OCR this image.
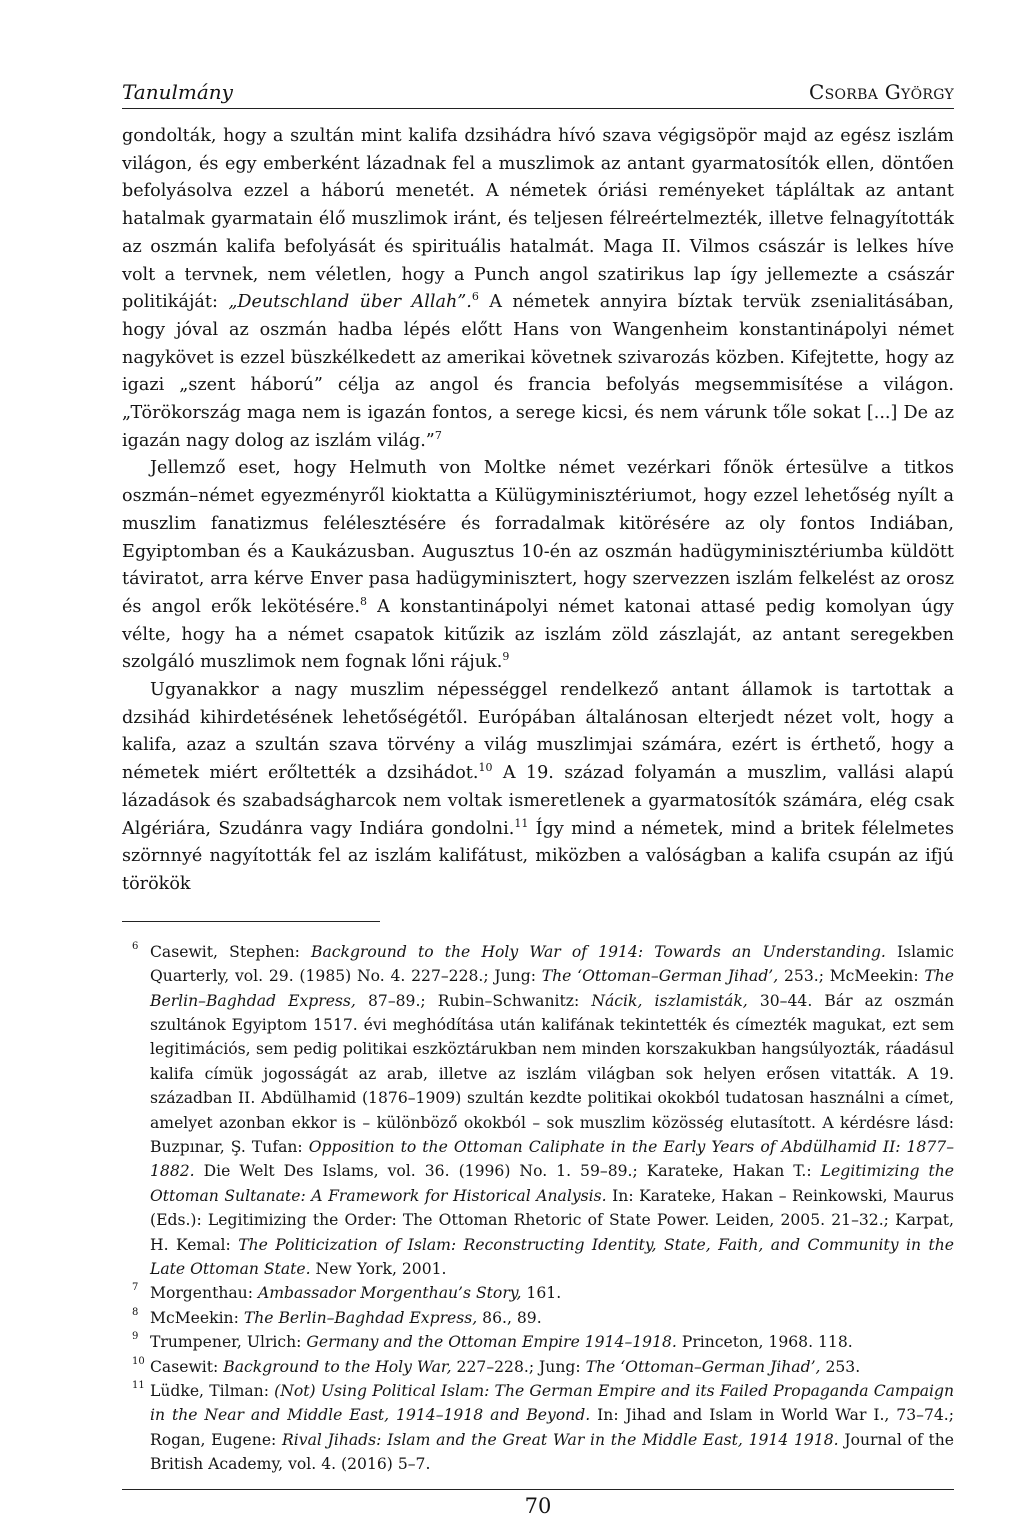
Tanulmány	Csorba György

gondolták, hogy a szultán mint kalifa dzsihádra hívó szava végigsöpör majd az egész iszlám világon, és egy emberként lázadnak fel a muszlimok az antant gyarmatosítók ellen, döntően befolyásolva ezzel a háború menetét. A németek óriási reményeket tápláltak az antant hatalmak gyarmatain élő muszlimok iránt, és teljesen félreértelmezték, illetve felnagyították az oszmán kalifa befolyását és spirituális hatalmát. Maga II. Vilmos császár is lelkes híve volt a tervnek, nem véletlen, hogy a Punch angol szatirikus lap így jellemezte a császár politikáját: „Deutschland über Allah”.$^6$ A németek annyira bíztak tervük zsenialitásában, hogy jóval az oszmán hadba lépés előtt Hans von Wangenheim konstantinápolyi német nagykövet is ezzel büszkélkedett az amerikai követnek szivarozás közben. Kifejtette, hogy az igazi „szent háború” célja az angol és francia befolyás megsemmisítése a világon. „Törökország maga nem is igazán fontos, a serege kicsi, és nem várunk tőle sokat [...] De az igazán nagy dolog az iszlám világ.”$^7$

Jellemző eset, hogy Helmuth von Moltke német vezérkari főnök értesülve a titkos oszmán–német egyezményről kioktatta a Külügyminisztériumot, hogy ezzel lehetőség nyílt a muszlim fanatizmus felélesztésére és forradalmak kitörésére az oly fontos Indiában, Egyiptomban és a Kaukázusban. Augusztus 10-én az oszmán hadügyminisztériumba küldött táviratot, arra kérve Enver pasa hadügyminisztert, hogy szervezzen iszlám felkelést az orosz és angol erők lekötésére.$^8$ A konstantinápolyi német katonai attasé pedig komolyan úgy vélte, hogy ha a német csapatok kitűzik az iszlám zöld zászlaját, az antant seregekben szolgáló muszlimok nem fognak lőni rájuk.$^9$

Ugyanakkor a nagy muszlim népességgel rendelkező antant államok is tartottak a dzsihád kihirdetésének lehetőségétől. Európában általánosan elterjedt nézet volt, hogy a kalifa, azaz a szultán szava törvény a világ muszlimjai számára, ezért is érthető, hogy a németek miért erőltették a dzsihádot.$^{10}$ A 19. század folyamán a muszlim, vallási alapú lázadások és szabadságharcok nem voltak ismeretlenek a gyarmatosítók számára, elég csak Algériára, Szudánra vagy Indiára gondolni.$^{11}$ Így mind a németek, mind a britek félelmetes szörnnyé nagyították fel az iszlám kalifátust, miközben a valóságban a kalifa csupán az ifjú törökök

6 Casewit, Stephen: Background to the Holy War of 1914: Towards an Understanding. Islamic Quarterly, vol. 29. (1985) No. 4. 227–228.; Jung: The ‘Ottoman–German Jihad’, 253.; McMeekin: The Berlin–Baghdad Express, 87–89.; Rubin–Schwanitz: Nácik, iszlamisták, 30–44. Bár az oszmán szultánok Egyiptom 1517. évi meghódítása után kalifának tekintették és címezték magukat, ezt sem legitimációs, sem pedig politikai eszköztárukban nem minden korszakukban hangsúlyozták, ráadásul kalifa címük jogosságát az arab, illetve az iszlám világban sok helyen erősen vitatták. A 19. században II. Abdülhamid (1876–1909) szultán kezdte politikai okokból tudatosan használni a címet, amelyet azonban ekkor is – különböző okokból – sok muszlim közösség elutasított. A kérdésre lásd: Buzpınar, Ş. Tufan: Opposition to the Ottoman Caliphate in the Early Years of Abdülhamid II: 1877–1882. Die Welt Des Islams, vol. 36. (1996) No. 1. 59–89.; Karateke, Hakan T.: Legitimizing the Ottoman Sultanate: A Framework for Historical Analysis. In: Karateke, Hakan – Reinkowski, Maurus (Eds.): Legitimizing the Order: The Ottoman Rhetoric of State Power. Leiden, 2005. 21–32.; Karpat, H. Kemal: The Politicization of Islam: Reconstructing Identity, State, Faith, and Community in the Late Ottoman State. New York, 2001.
7 Morgenthau: Ambassador Morgenthau’s Story, 161.
8 McMeekin: The Berlin–Baghdad Express, 86., 89.
9 Trumpener, Ulrich: Germany and the Ottoman Empire 1914–1918. Princeton, 1968. 118.
10 Casewit: Background to the Holy War, 227–228.; Jung: The ‘Ottoman–German Jihad’, 253.
11 Lüdke, Tilman: (Not) Using Political Islam: The German Empire and its Failed Propaganda Campaign in the Near and Middle East, 1914–1918 and Beyond. In: Jihad and Islam in World War I., 73–74.; Rogan, Eugene: Rival Jihads: Islam and the Great War in the Middle East, 1914 1918. Journal of the British Academy, vol. 4. (2016) 5–7.
70
